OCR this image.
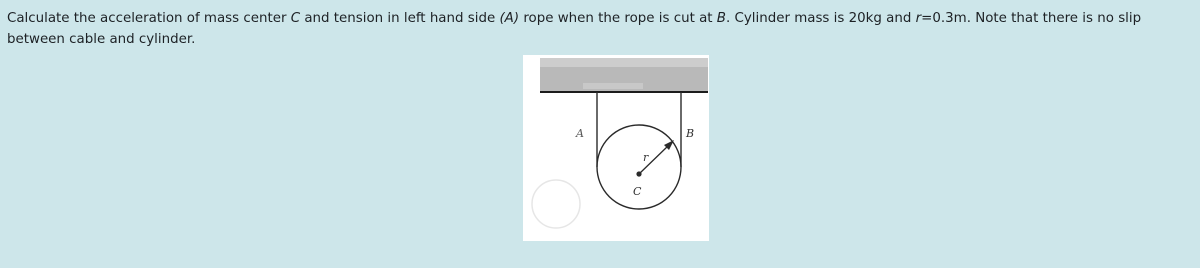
Calculate the acceleration of mass center C and tension in left hand side (A) rope when the rope is cut at B. Cylinder mass is 20kg and r=0.3m. Note that there is no slip between cable and cylinder.

A	B
r
C
